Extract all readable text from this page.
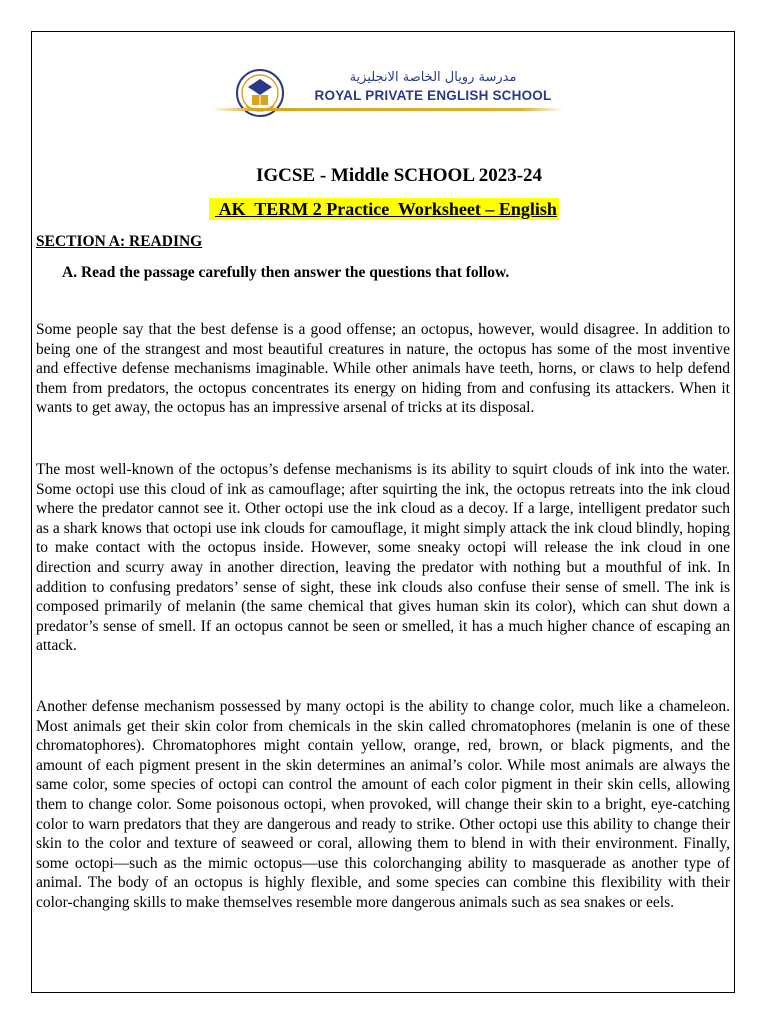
مدرسة رويال الخاصة الانجليزية
ROYAL PRIVATE ENGLISH SCHOOL
IGCSE - Middle SCHOOL 2023-24
AK  TERM 2 Practice  Worksheet – English
SECTION A: READING
A. Read the passage carefully then answer the questions that follow.

Some people say that the best defense is a good offense; an octopus, however, would disagree. In addition to being one of the strangest and most beautiful creatures in nature, the octopus has some of the most inventive and effective defense mechanisms imaginable. While other animals have teeth, horns, or claws to help defend them from predators, the octopus concentrates its energy on hiding from and confusing its attackers. When it wants to get away, the octopus has an impressive arsenal of tricks at its disposal.

The most well-known of the octopus’s defense mechanisms is its ability to squirt clouds of ink into the water. Some octopi use this cloud of ink as camouflage; after squirting the ink, the octopus retreats into the ink cloud where the predator cannot see it. Other octopi use the ink cloud as a decoy. If a large, intelligent predator such as a shark knows that octopi use ink clouds for camouflage, it might simply attack the ink cloud blindly, hoping to make contact with the octopus inside. However, some sneaky octopi will release the ink cloud in one direction and scurry away in another direction, leaving the predator with nothing but a mouthful of ink. In addition to confusing predators’ sense of sight, these ink clouds also confuse their sense of smell. The ink is composed primarily of melanin (the same chemical that gives human skin its color), which can shut down a predator’s sense of smell. If an octopus cannot be seen or smelled, it has a much higher chance of escaping an attack.

Another defense mechanism possessed by many octopi is the ability to change color, much like a chameleon. Most animals get their skin color from chemicals in the skin called chromatophores (melanin is one of these chromatophores). Chromatophores might contain yellow, orange, red, brown, or black pigments, and the amount of each pigment present in the skin determines an animal’s color. While most animals are always the same color, some species of octopi can control the amount of each color pigment in their skin cells, allowing them to change color. Some poisonous octopi, when provoked, will change their skin to a bright, eye-catching color to warn predators that they are dangerous and ready to strike. Other octopi use this ability to change their skin to the color and texture of seaweed or coral, allowing them to blend in with their environment. Finally, some octopi—such as the mimic octopus—use this colorchanging ability to masquerade as another type of animal. The body of an octopus is highly flexible, and some species can combine this flexibility with their color-changing skills to make themselves resemble more dangerous animals such as sea snakes or eels.
